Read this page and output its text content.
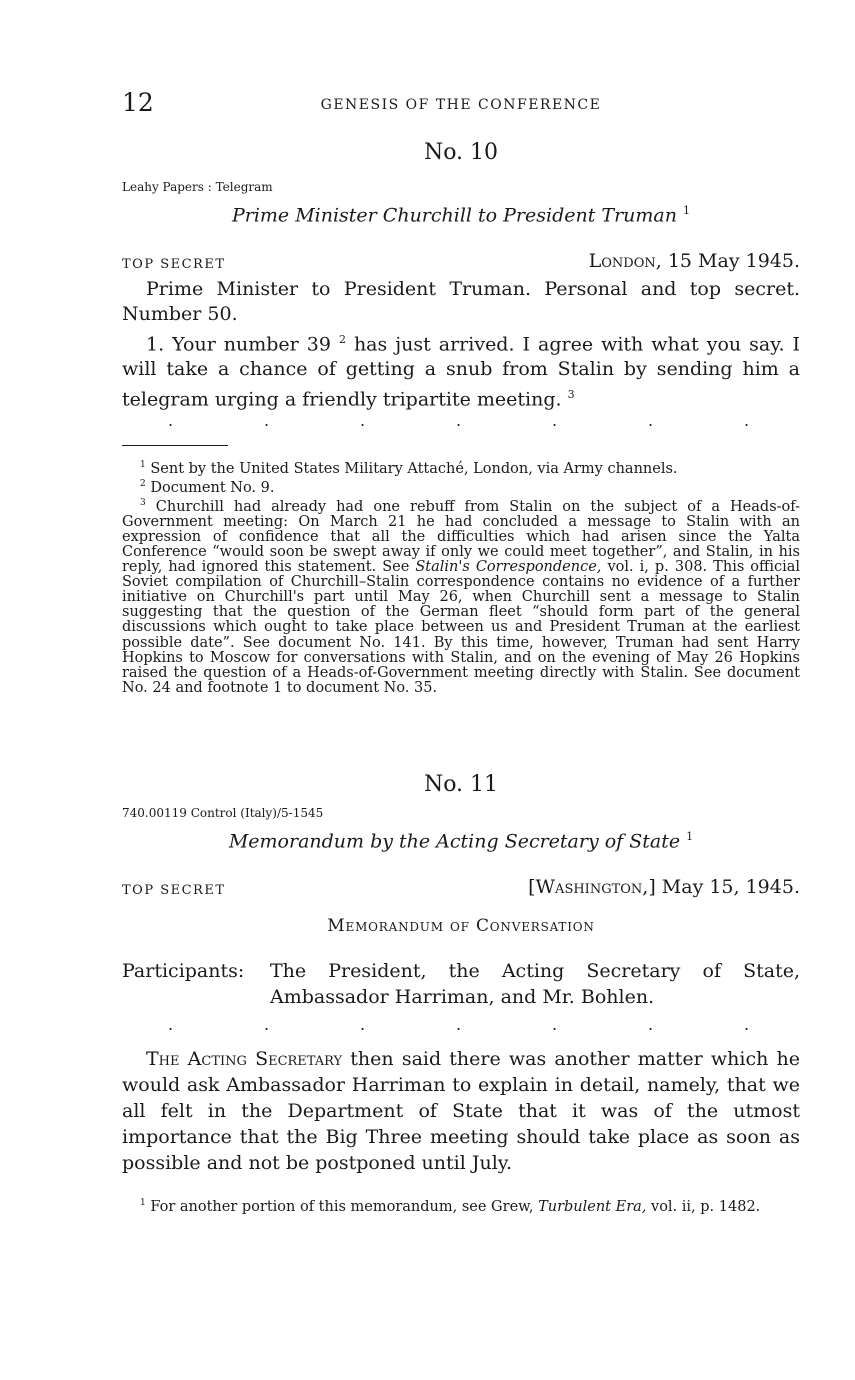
12	GENESIS OF THE CONFERENCE
No. 10
Leahy Papers : Telegram
Prime Minister Churchill to President Truman $^1$
TOP SECRET	London, 15 May 1945.

Prime Minister to President Truman. Personal and top secret. Number 50.

1. Your number 39 $^2$ has just arrived. I agree with what you say. I will take a chance of getting a snub from Stalin by sending him a telegram urging a friendly tripartite meeting. $^3$

.	.	.	.	.	.	.

$^1$ Sent by the United States Military Attaché, London, via Army channels.

$^2$ Document No. 9.

$^3$ Churchill had already had one rebuff from Stalin on the subject of a Heads-of-Government meeting: On March 21 he had concluded a message to Stalin with an expression of confidence that all the difficulties which had arisen since the Yalta Conference “would soon be swept away if only we could meet together”, and Stalin, in his reply, had ignored this statement. See Stalin's Correspondence, vol. i, p. 308. This official Soviet compilation of Churchill–Stalin correspondence contains no evidence of a further initiative on Churchill's part until May 26, when Churchill sent a message to Stalin suggesting that the question of the German fleet “should form part of the general discussions which ought to take place between us and President Truman at the earliest possible date”. See document No. 141. By this time, however, Truman had sent Harry Hopkins to Moscow for conversations with Stalin, and on the evening of May 26 Hopkins raised the question of a Heads-of-Government meeting directly with Stalin. See document No. 24 and footnote 1 to document No. 35.

No. 11
740.00119 Control (Italy)/5-1545
Memorandum by the Acting Secretary of State $^1$
TOP SECRET	[Washington,] May 15, 1945.
Memorandum of Conversation
Participants: The President, the Acting Secretary of State, Ambassador Harriman, and Mr. Bohlen.
.	.	.	.	.	.	.

The Acting Secretary then said there was another matter which he would ask Ambassador Harriman to explain in detail, namely, that we all felt in the Department of State that it was of the utmost importance that the Big Three meeting should take place as soon as possible and not be postponed until July.

$^1$ For another portion of this memorandum, see Grew, Turbulent Era, vol. ii, p. 1482.
